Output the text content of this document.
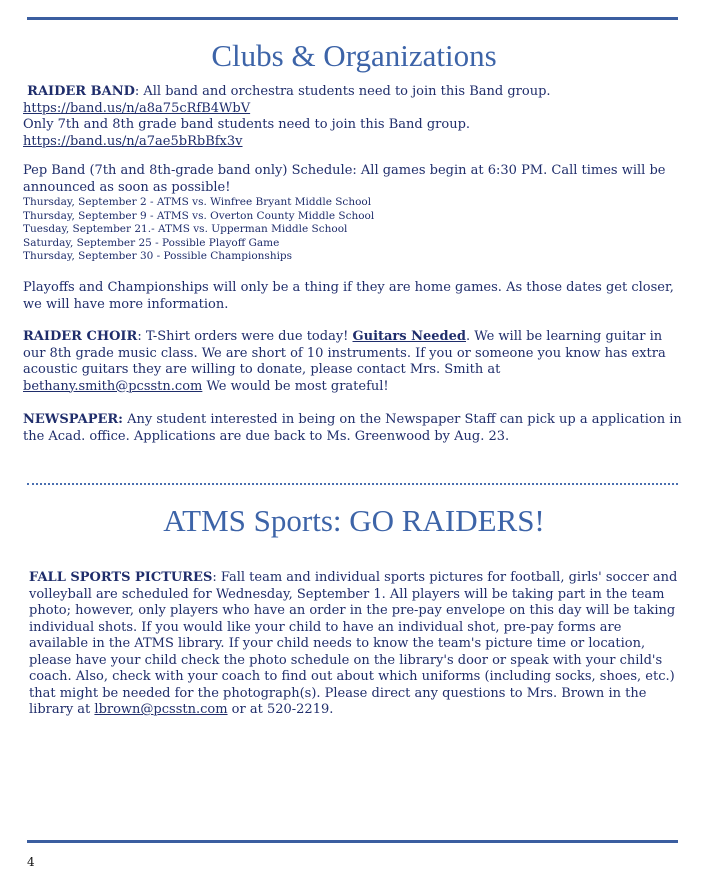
Clubs & Organizations
RAIDER BAND: All band and orchestra students need to join this Band group.
https://band.us/n/a8a75cRfB4WbV
Only 7th and 8th grade band students need to join this Band group.
https://band.us/n/a7ae5bRbBfx3v
Pep Band (7th and 8th-grade band only) Schedule: All games begin at 6:30 PM. Call times will be announced as soon as possible!
Thursday, September 2 - ATMS vs. Winfree Bryant Middle School
Thursday, September 9 - ATMS vs. Overton County Middle School
Tuesday, September 21.- ATMS vs. Upperman Middle School
Saturday, September 25 - Possible Playoff Game
Thursday, September 30 - Possible Championships
Playoffs and Championships will only be a thing if they are home games. As those dates get closer, we will have more information.
RAIDER CHOIR: T-Shirt orders were due today! Guitars Needed. We will be learning guitar in our 8th grade music class. We are short of 10 instruments. If you or someone you know has extra acoustic guitars they are willing to donate, please contact Mrs. Smith at bethany.smith@pcsstn.com We would be most grateful!
NEWSPAPER: Any student interested in being on the Newspaper Staff can pick up a application in the Acad. office. Applications are due back to Ms. Greenwood by Aug. 23.
ATMS Sports: GO RAIDERS!
FALL SPORTS PICTURES: Fall team and individual sports pictures for football, girls' soccer and volleyball are scheduled for Wednesday, September 1. All players will be taking part in the team photo; however, only players who have an order in the pre-pay envelope on this day will be taking individual shots. If you would like your child to have an individual shot, pre-pay forms are available in the ATMS library. If your child needs to know the team's picture time or location, please have your child check the photo schedule on the library's door or speak with your child's coach. Also, check with your coach to find out about which uniforms (including socks, shoes, etc.) that might be needed for the photograph(s). Please direct any questions to Mrs. Brown in the library at lbrown@pcsstn.com or at 520-2219.
4
